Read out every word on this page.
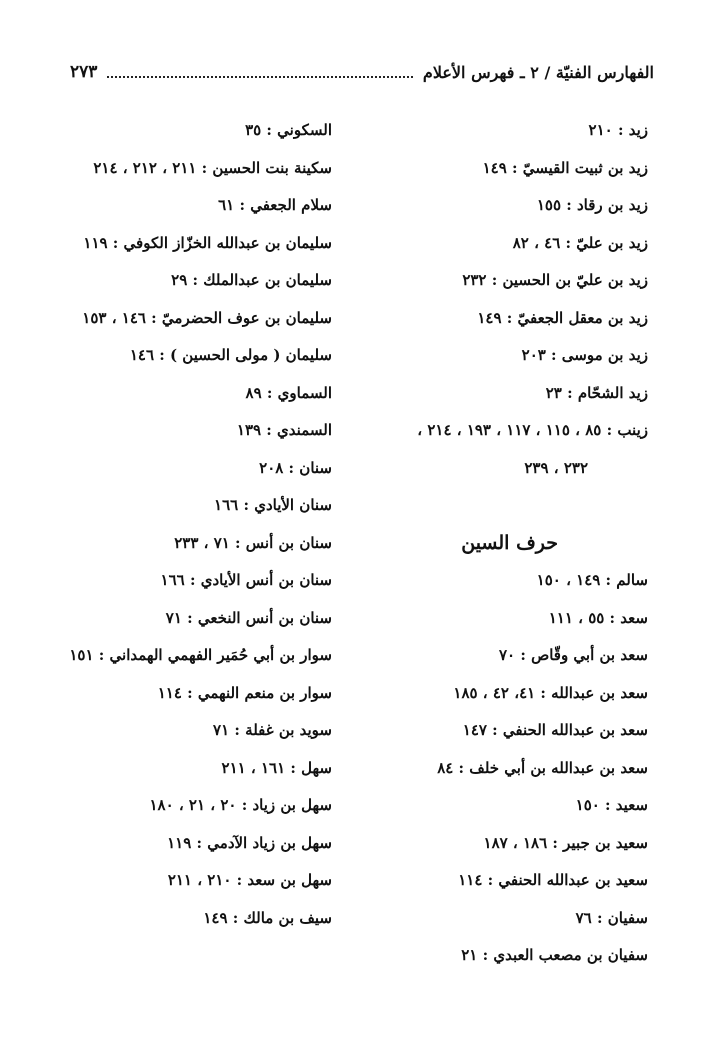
الفهارس الفنيّة / ٢ ـ فهرس الأعلام
٢٧٣
زيد : ٢١٠
زيد بن ثبيت القيسيّ : ١٤٩
زيد بن رقاد : ١٥٥
زيد بن عليّ : ٤٦ ، ٨٢
زيد بن عليّ بن الحسين : ٢٣٢
زيد بن معقل الجعفيّ : ١٤٩
زيد بن موسى : ٢٠٣
زيد الشحّام : ٢٣
زينب : ٨٥ ، ١١٥ ، ١١٧ ، ١٩٣ ، ٢١٤ ،
٢٣٢ ، ٢٣٩
حرف السين
سالم : ١٤٩ ، ١٥٠
سعد : ٥٥ ، ١١١
سعد بن أبي وقّاص : ٧٠
سعد بن عبدالله : ٤١، ٤٢ ، ١٨٥
سعد بن عبدالله الحنفي : ١٤٧
سعد بن عبدالله بن أبي خلف : ٨٤
سعيد : ١٥٠
سعيد بن جبير : ١٨٦ ، ١٨٧
سعيد بن عبدالله الحنفي : ١١٤
سفيان : ٧٦
سفيان بن مصعب العبدي : ٢١
السكوني : ٣٥
سكينة بنت الحسين : ٢١١ ، ٢١٢ ، ٢١٤
سلام الجعفي : ٦١
سليمان بن عبدالله الخزّاز الكوفي : ١١٩
سليمان بن عبدالملك : ٢٩
سليمان بن عوف الحضرميّ : ١٤٦ ، ١٥٣
سليمان ( مولى الحسين ) : ١٤٦
السماوي : ٨٩
السمندي : ١٣٩
سنان : ٢٠٨
سنان الأيادي : ١٦٦
سنان بن أنس : ٧١ ، ٢٣٣
سنان بن أنس الأيادي : ١٦٦
سنان بن أنس النخعي : ٧١
سوار بن أبي حُمَير الفهمي الهمداني : ١٥١
سوار بن منعم النهمي : ١١٤
سويد بن غفلة : ٧١
سهل : ١٦١ ، ٢١١
سهل بن زياد : ٢٠ ، ٢١ ، ١٨٠
سهل بن زياد الآدمي : ١١٩
سهل بن سعد : ٢١٠ ، ٢١١
سيف بن مالك : ١٤٩
